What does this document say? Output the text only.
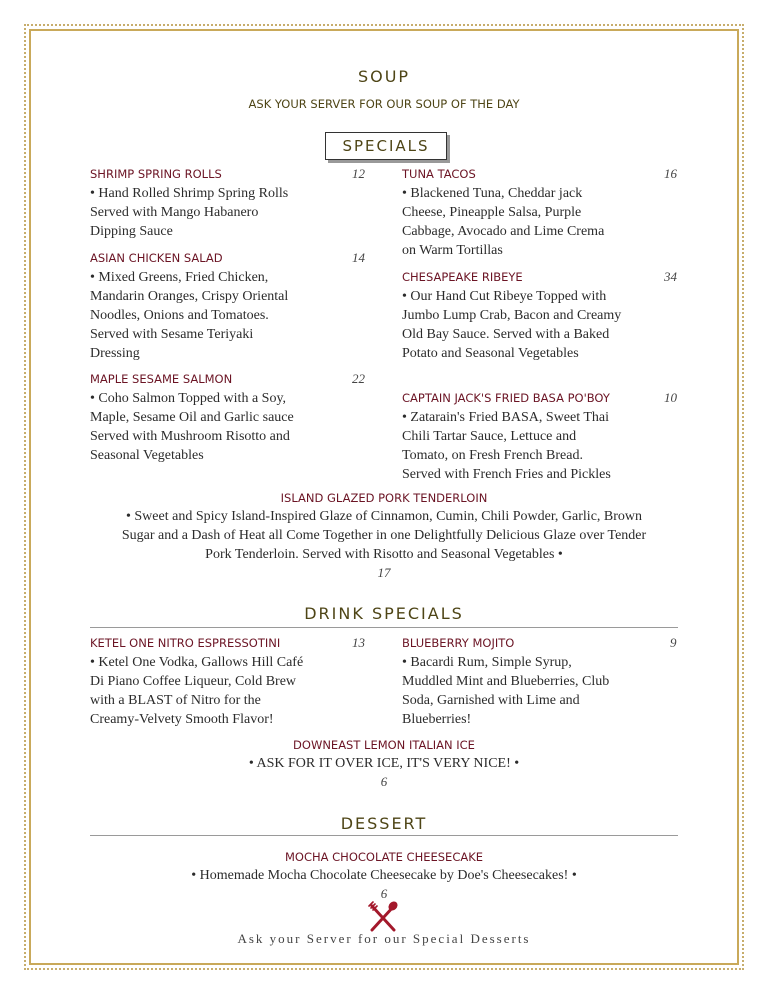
SOUP
ASK YOUR SERVER FOR OUR SOUP OF THE DAY
SPECIALS
SHRIMP SPRING ROLLS
• Hand Rolled Shrimp Spring Rolls Served with Mango Habanero Dipping Sauce
12
ASIAN CHICKEN SALAD
• Mixed Greens, Fried Chicken, Mandarin Oranges, Crispy Oriental Noodles, Onions and Tomatoes. Served with Sesame Teriyaki Dressing
14
MAPLE SESAME SALMON
• Coho Salmon Topped with a Soy, Maple, Sesame Oil and Garlic sauce Served with Mushroom Risotto and Seasonal Vegetables
22
TUNA TACOS
• Blackened Tuna, Cheddar jack Cheese, Pineapple Salsa, Purple Cabbage, Avocado and Lime Crema on Warm Tortillas
16
CHESAPEAKE RIBEYE
• Our Hand Cut Ribeye Topped with Jumbo Lump Crab, Bacon and Creamy Old Bay Sauce. Served with a Baked Potato and Seasonal Vegetables
34
CAPTAIN JACK'S FRIED BASA PO'BOY
• Zatarain's Fried BASA, Sweet Thai Chili Tartar Sauce, Lettuce and Tomato, on Fresh French Bread. Served with French Fries and Pickles
10
ISLAND GLAZED PORK TENDERLOIN
• Sweet and Spicy Island-Inspired Glaze of Cinnamon, Cumin, Chili Powder, Garlic, Brown Sugar and a Dash of Heat all Come Together in one Delightfully Delicious Glaze over Tender Pork Tenderloin. Served with Risotto and Seasonal Vegetables •
17
DRINK SPECIALS
KETEL ONE NITRO ESPRESSOTINI
• Ketel One Vodka, Gallows Hill Café Di Piano Coffee Liqueur, Cold Brew with a BLAST of Nitro for the Creamy-Velvety Smooth Flavor!
13	BLUEBERRY MOJITO
• Bacardi Rum, Simple Syrup, Muddled Mint and Blueberries, Club Soda, Garnished with Lime and Blueberries!
9
DOWNEAST LEMON ITALIAN ICE
• ASK FOR IT OVER ICE, IT'S VERY NICE! •
6
DESSERT
MOCHA CHOCOLATE CHEESECAKE
• Homemade Mocha Chocolate Cheesecake by Doe's Cheesecakes! •
6
Ask your Server for our Special Desserts
